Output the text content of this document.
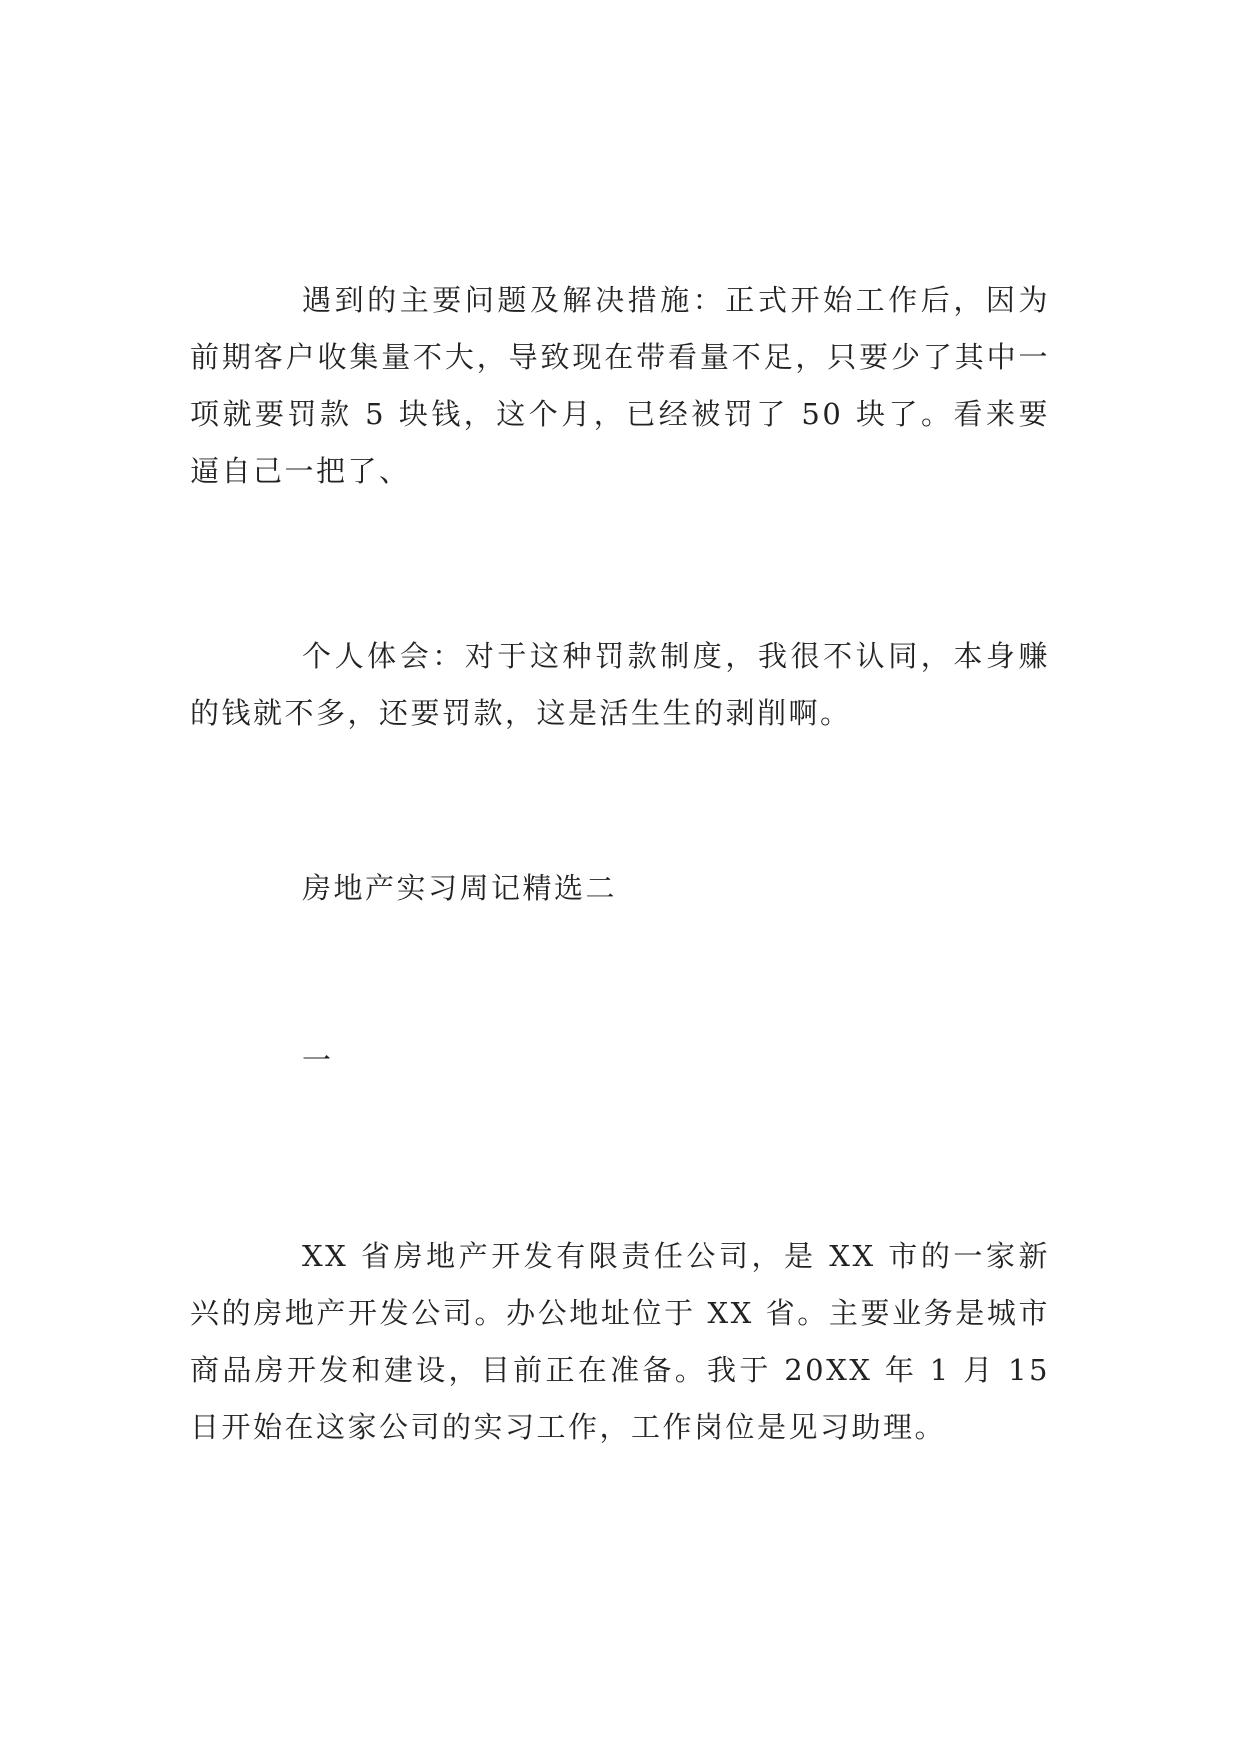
遇到的主要问题及解决措施：正式开始工作后，因为前期客户收集量不大，导致现在带看量不足，只要少了其中一项就要罚款 5 块钱，这个月，已经被罚了 50 块了。看来要逼自己一把了、

个人体会：对于这种罚款制度，我很不认同，本身赚的钱就不多，还要罚款，这是活生生的剥削啊。

房地产实习周记精选二

一

XX 省房地产开发有限责任公司，是 XX 市的一家新兴的房地产开发公司。办公地址位于 XX 省。主要业务是城市商品房开发和建设，目前正在准备。我于 20XX 年 1 月 15 日开始在这家公司的实习工作，工作岗位是见习助理。
